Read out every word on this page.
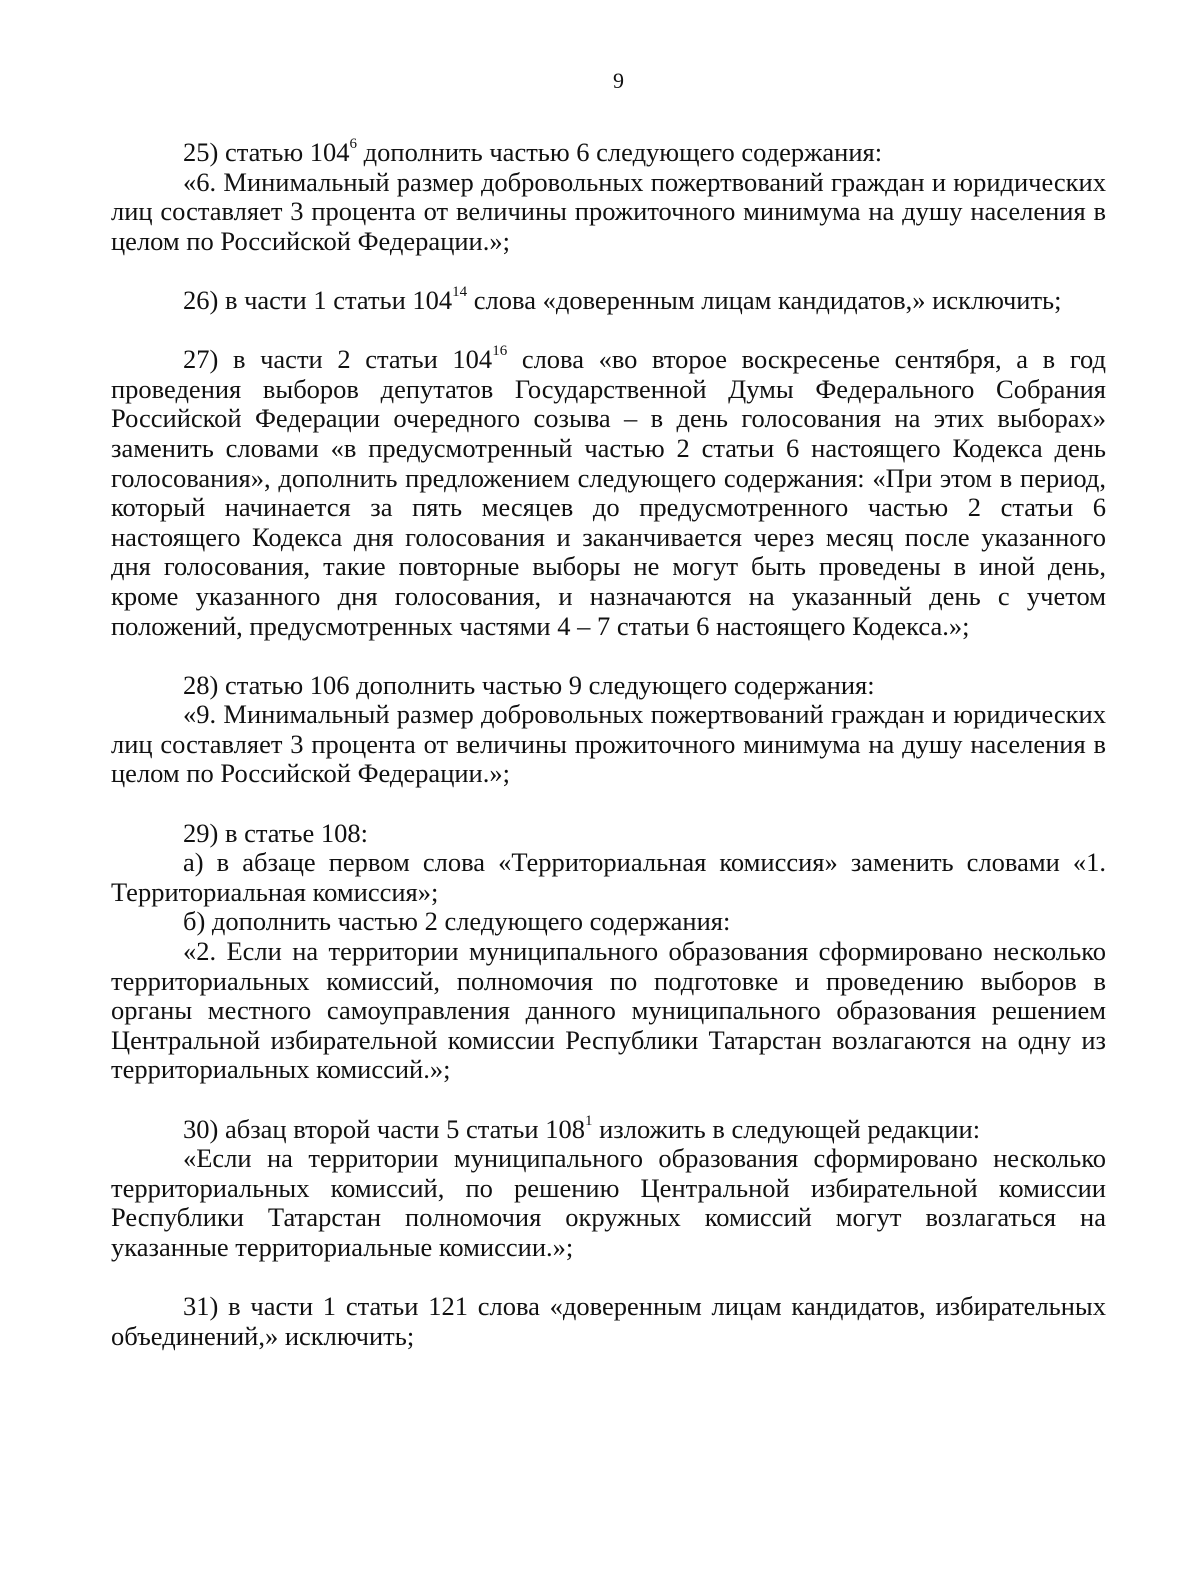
9

25) статью $104^6$ дополнить частью 6 следующего содержания:

«6. Минимальный размер добровольных пожертвований граждан и юридических лиц составляет 3 процента от величины прожиточного минимума на душу населения в целом по Российской Федерации.»;

26) в части 1 статьи $104^{14}$ слова «доверенным лицам кандидатов,» исключить;

27) в части 2 статьи $104^{16}$ слова «во второе воскресенье сентября, а в год проведения выборов депутатов Государственной Думы Федерального Собрания Российской Федерации очередного созыва – в день голосования на этих выборах» заменить словами «в предусмотренный частью 2 статьи 6 настоящего Кодекса день голосования», дополнить предложением следующего содержания: «При этом в период, который начинается за пять месяцев до предусмотренного частью 2 статьи 6 настоящего Кодекса дня голосования и заканчивается через месяц после указанного дня голосования, такие повторные выборы не могут быть проведены в иной день, кроме указанного дня голосования, и назначаются на указанный день с учетом положений, предусмотренных частями 4 – 7 статьи 6 настоящего Кодекса.»;

28) статью 106 дополнить частью 9 следующего содержания:

«9. Минимальный размер добровольных пожертвований граждан и юридических лиц составляет 3 процента от величины прожиточного минимума на душу населения в целом по Российской Федерации.»;

29) в статье 108:

а) в абзаце первом слова «Территориальная комиссия» заменить словами «1. Территориальная комиссия»;

б) дополнить частью 2 следующего содержания:

«2. Если на территории муниципального образования сформировано несколько территориальных комиссий, полномочия по подготовке и проведению выборов в органы местного самоуправления данного муниципального образования решением Центральной избирательной комиссии Республики Татарстан возлагаются на одну из территориальных комиссий.»;

30) абзац второй части 5 статьи $108^1$ изложить в следующей редакции:

«Если на территории муниципального образования сформировано несколько территориальных комиссий, по решению Центральной избирательной комиссии Республики Татарстан полномочия окружных комиссий могут возлагаться на указанные территориальные комиссии.»;

31) в части 1 статьи 121 слова «доверенным лицам кандидатов, избирательных объединений,» исключить;
